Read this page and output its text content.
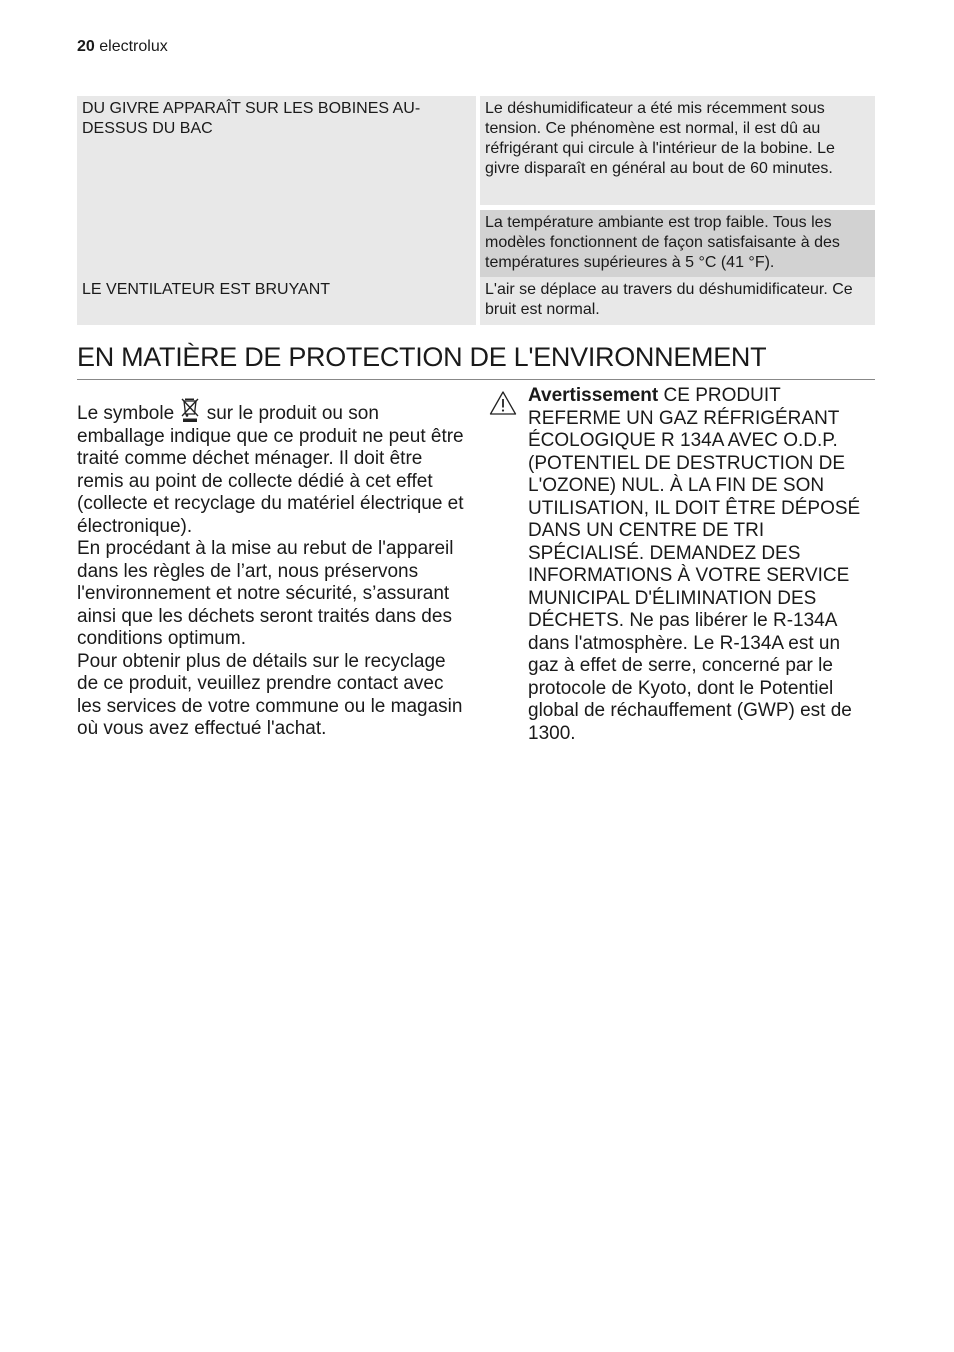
20 electrolux
DU GIVRE APPARAÎT SUR LES BOBINES AU-DESSUS DU BAC	Le déshumidificateur a été mis récemment sous tension. Ce phénomène est normal, il est dû au réfrigérant qui circule à l'intérieur de la bobine. Le givre disparaît en général au bout de 60 minutes.
	La température ambiante est trop faible. Tous les modèles fonctionnent de façon satisfaisante à des températures supérieures à 5 °C (41 °F).
LE VENTILATEUR EST BRUYANT	L'air se déplace au travers du déshumidificateur. Ce bruit est normal.
EN MATIÈRE DE PROTECTION DE L'ENVIRONNEMENT

Le symbole sur le produit ou son emballage indique que ce produit ne peut être traité comme déchet ménager. Il doit être remis au point de collecte dédié à cet effet (collecte et recyclage du matériel électrique et électronique).

En procédant à la mise au rebut de l'appareil dans les règles de l’art, nous préservons l'environnement et notre sécurité, s’assurant ainsi que les déchets seront traités dans des conditions optimum.

Pour obtenir plus de détails sur le recyclage de ce produit, veuillez prendre contact avec les services de votre commune ou le magasin où vous avez effectué l'achat.

Avertissement CE PRODUIT REFERME UN GAZ RÉFRIGÉRANT ÉCOLOGIQUE R 134A AVEC O.D.P. (POTENTIEL DE DESTRUCTION DE L'OZONE) NUL. À LA FIN DE SON UTILISATION, IL DOIT ÊTRE DÉPOSÉ DANS UN CENTRE DE TRI SPÉCIALISÉ. DEMANDEZ DES INFORMATIONS À VOTRE SERVICE MUNICIPAL D'ÉLIMINATION DES DÉCHETS. Ne pas libérer le R-134A dans l'atmosphère. Le R-134A est un gaz à effet de serre, concerné par le protocole de Kyoto, dont le Potentiel global de réchauffement (GWP) est de 1300.
